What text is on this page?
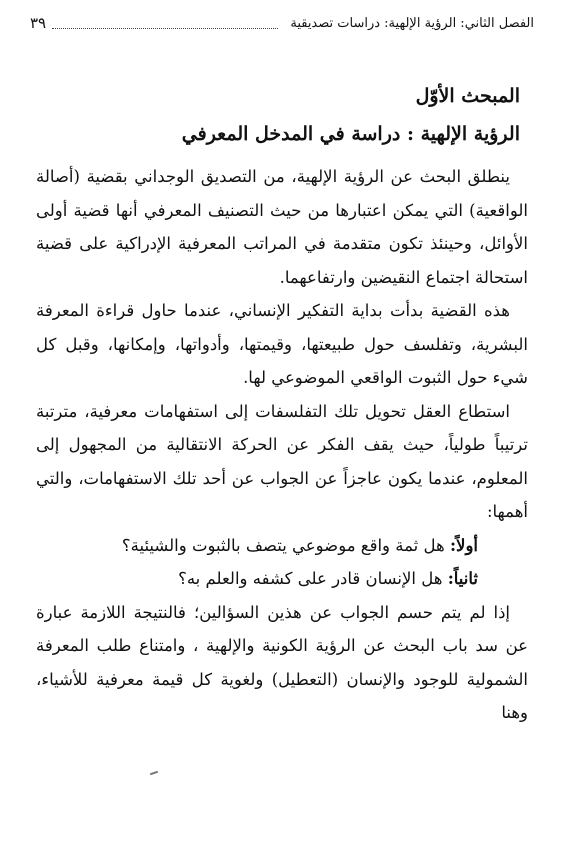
الفصل الثاني: الرؤية الإلهية: دراسات تصديقية
٣٩
المبحث الأوّل
الرؤية الإلهية : دراسة في المدخل المعرفي

ينطلق البحث عن الرؤية الإلهية، من التصديق الوجداني بقضية (أصالة الواقعية) التي يمكن اعتبارها من حيث التصنيف المعرفي أنها قضية أولى الأوائل، وحينئذ تكون متقدمة في المراتب المعرفية الإدراكية على قضية استحالة اجتماع النقيضين وارتفاعهما.

هذه القضية بدأت بداية التفكير الإنساني، عندما حاول قراءة المعرفة البشرية، وتفلسف حول طبيعتها، وقيمتها، وأدواتها، وإمكانها، وقبل كل شيء حول الثبوت الواقعي الموضوعي لها.

استطاع العقل تحويل تلك التفلسفات إلى استفهامات معرفية، مترتبة ترتيباً طولياً، حيث يقف الفكر عن الحركة الانتقالية من المجهول إلى المعلوم، عندما يكون عاجزاً عن الجواب عن أحد تلك الاستفهامات، والتي أهمها:

أولاً: هل ثمة واقع موضوعي يتصف بالثبوت والشيئية؟

ثانياً: هل الإنسان قادر على كشفه والعلم به؟

إذا لم يتم حسم الجواب عن هذين السؤالين؛ فالنتيجة اللازمة عبارة عن سد باب البحث عن الرؤية الكونية والإلهية ، وامتناع طلب المعرفة الشمولية للوجود والإنسان (التعطيل) ولغوية كل قيمة معرفية للأشياء، وهنا
